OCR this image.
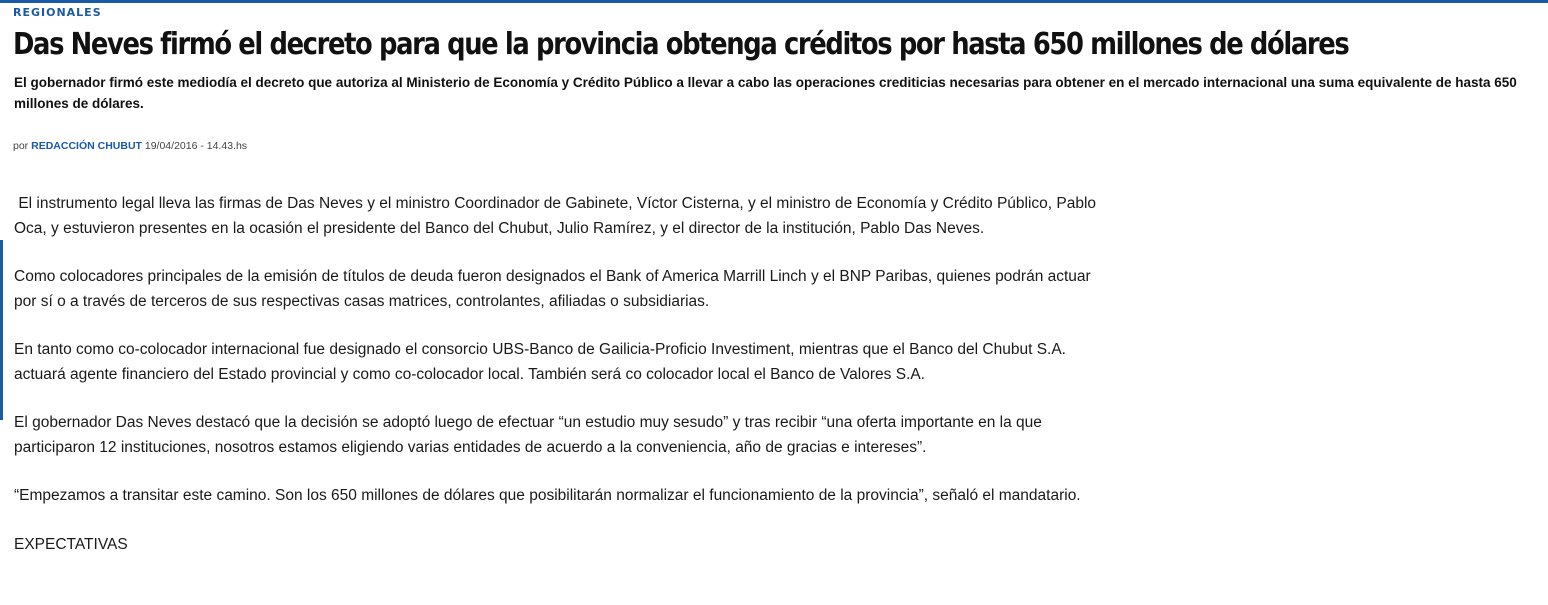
REGIONALES
Das Neves firmó el decreto para que la provincia obtenga créditos por hasta 650 millones de dólares

El gobernador firmó este mediodía el decreto que autoriza al Ministerio de Economía y Crédito Público a llevar a cabo las operaciones crediticias necesarias para obtener en el mercado internacional una suma equivalente de hasta 650 millones de dólares.

por REDACCIÓN CHUBUT 19/04/2016 - 14.43.hs

El instrumento legal lleva las firmas de Das Neves y el ministro Coordinador de Gabinete, Víctor Cisterna, y el ministro de Economía y Crédito Público, Pablo Oca, y estuvieron presentes en la ocasión el presidente del Banco del Chubut, Julio Ramírez, y el director de la institución, Pablo Das Neves.

Como colocadores principales de la emisión de títulos de deuda fueron designados el Bank of America Marrill Linch y el BNP Paribas, quienes podrán actuar por sí o a través de terceros de sus respectivas casas matrices, controlantes, afiliadas o subsidiarias.

En tanto como co-colocador internacional fue designado el consorcio UBS-Banco de Gailicia-Proficio Investiment, mientras que el Banco del Chubut S.A. actuará agente financiero del Estado provincial y como co-colocador local. También será co colocador local el Banco de Valores S.A.

El gobernador Das Neves destacó que la decisión se adoptó luego de efectuar “un estudio muy sesudo” y tras recibir “una oferta importante en la que participaron 12 instituciones, nosotros estamos eligiendo varias entidades de acuerdo a la conveniencia, año de gracias e intereses”.

“Empezamos a transitar este camino. Son los 650 millones de dólares que posibilitarán normalizar el funcionamiento de la provincia”, señaló el mandatario.

EXPECTATIVAS
